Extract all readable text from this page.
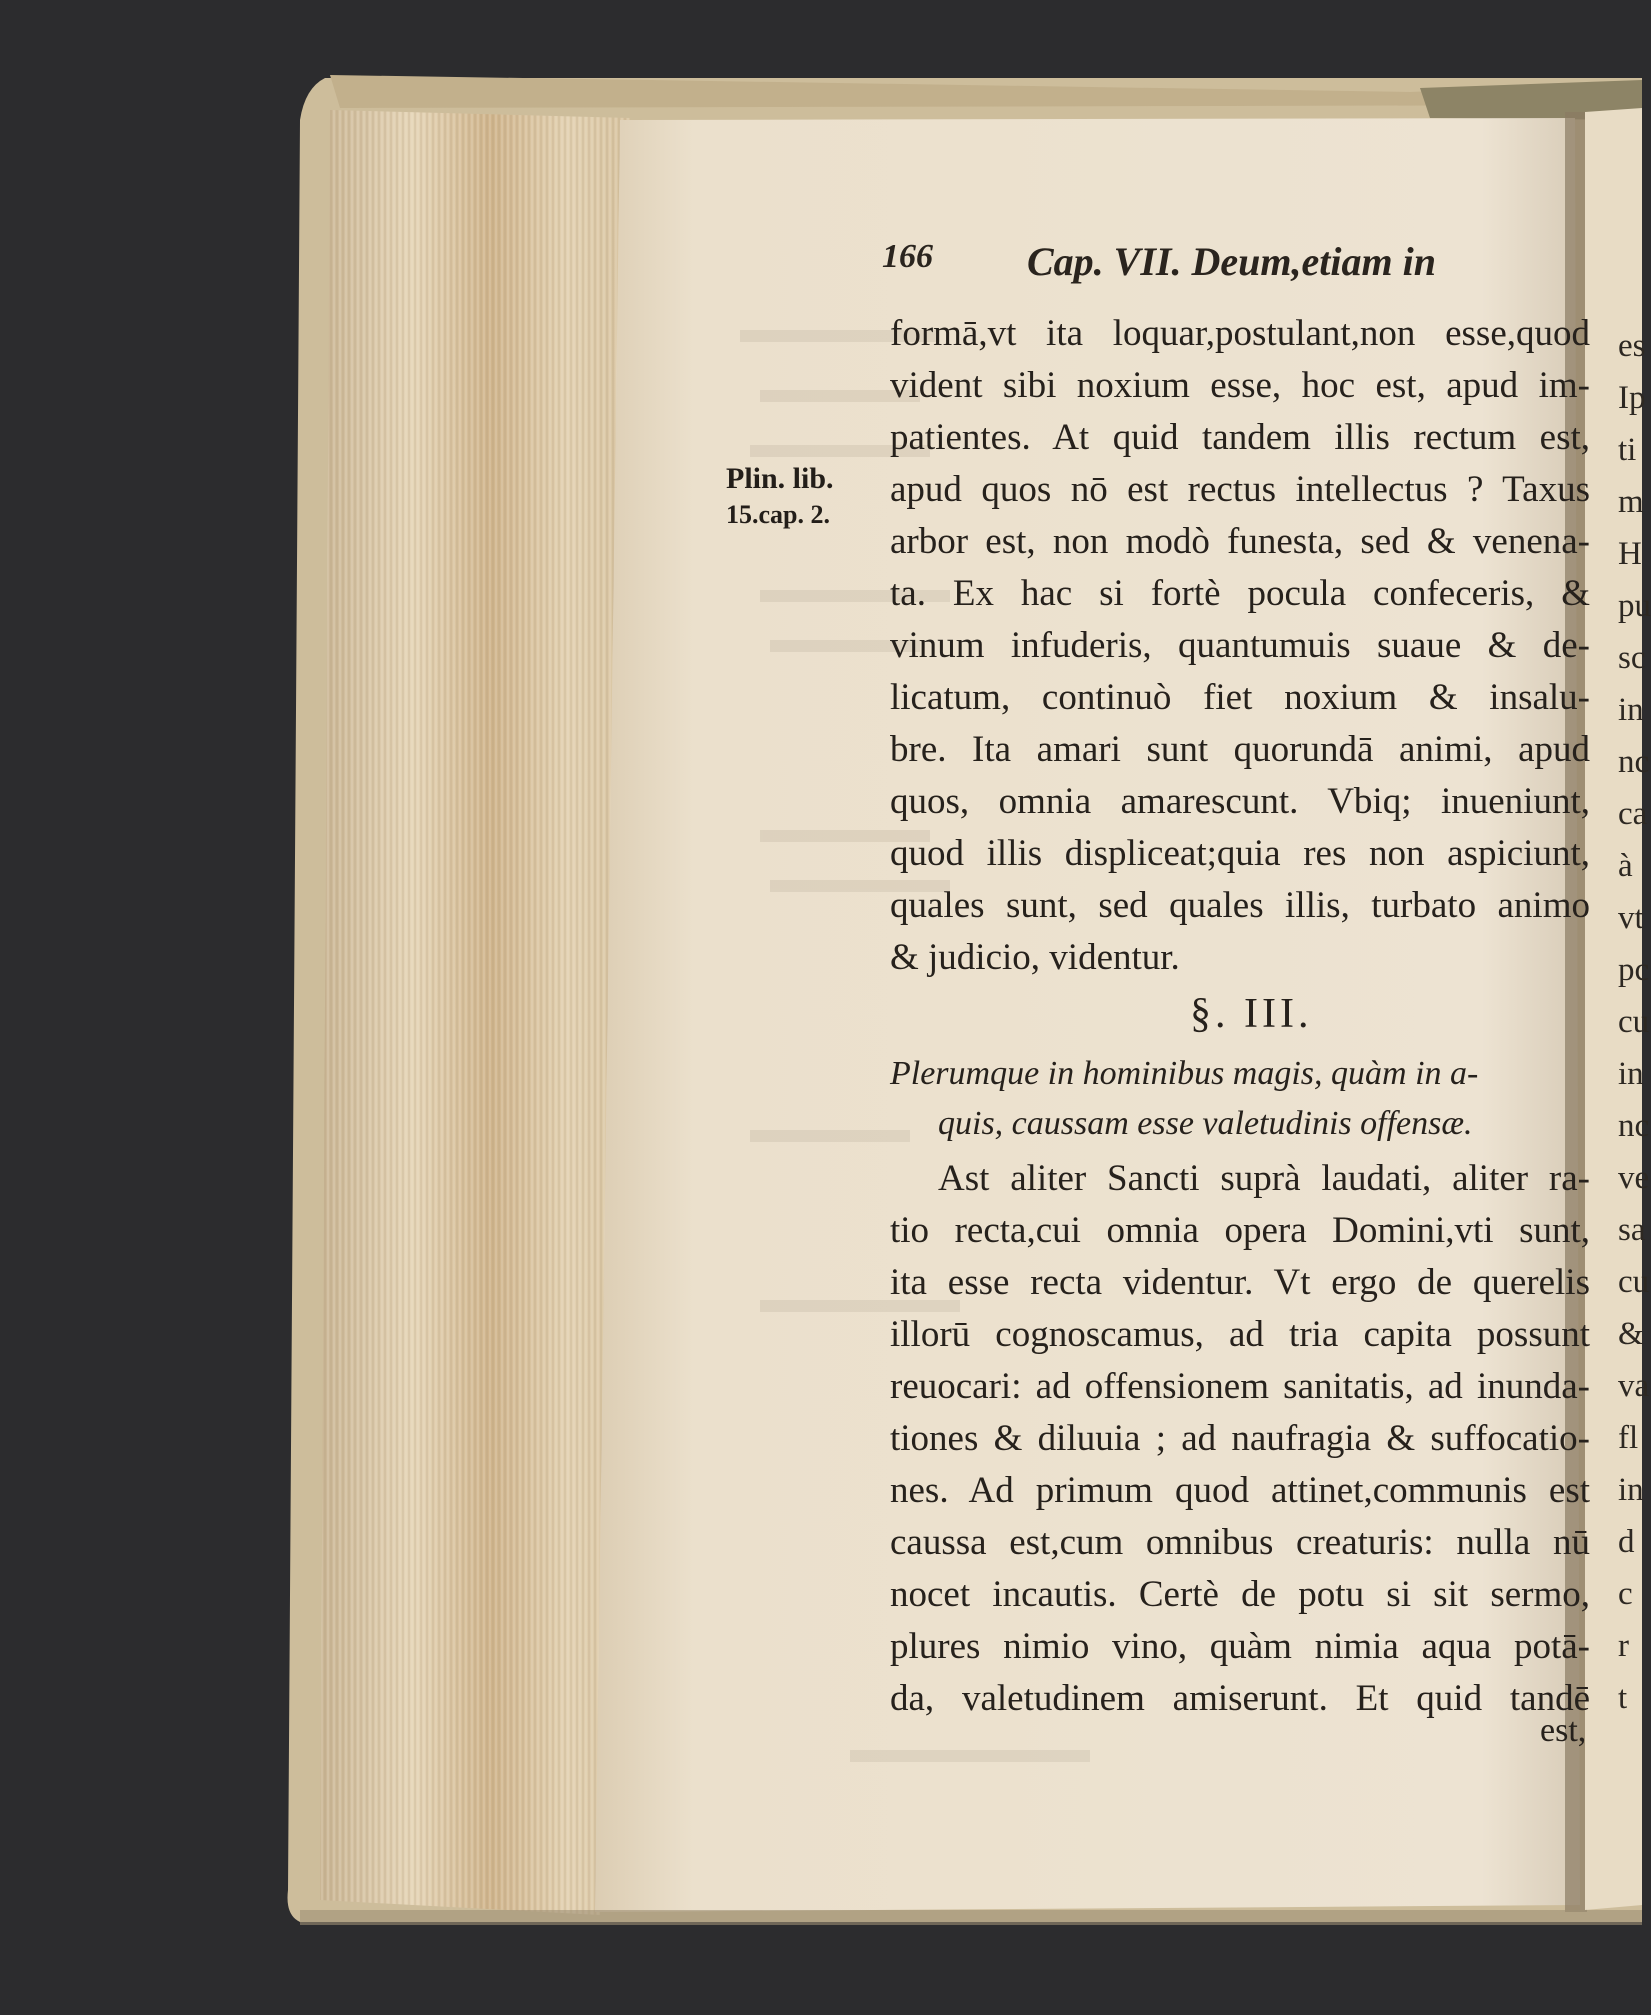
166 Cap. VII. Deum,etiam in
Plin. lib.
15.cap. 2.
formā,vt ita loquar,postulant,non esse,quod
vident sibi noxium esse, hoc est, apud im-
patientes. At quid tandem illis rectum est,
apud quos nō est rectus intellectus ? Taxus
arbor est, non modò funesta, sed & venena-
ta. Ex hac si fortè pocula confeceris, &
vinum infuderis, quantumuis suaue & de-
licatum, continuò fiet noxium & insalu-
bre. Ita amari sunt quorundā animi, apud
quos, omnia amarescunt. Vbiq; inueniunt,
quod illis displiceat;quia res non aspiciunt,
quales sunt, sed quales illis, turbato animo
& judicio, videntur.
§. III.
Plerumque in hominibus magis, quàm in a-
quis, caussam esse valetudinis offensæ.
Ast aliter Sancti suprà laudati, aliter ra-
tio recta,cui omnia opera Domini,vti sunt,
ita esse recta videntur. Vt ergo de querelis
illorū cognoscamus, ad tria capita possunt
reuocari: ad offensionem sanitatis, ad inunda-
tiones & diluuia ; ad naufragia & suffocatio-
nes. Ad primum quod attinet,communis est
caussa est,cum omnibus creaturis: nulla nū
nocet incautis. Certè de potu si sit sermo,
plures nimio vino, quàm nimia aqua potā-
da, valetudinem amiserunt. Et quid tandē
est,
es
Ip
ti
m
H
pu
sc
in
nc
ca
à
vt
pc
cu
in
nc
ve
sa
cu
&
va
fl
in
d
c
r
t
